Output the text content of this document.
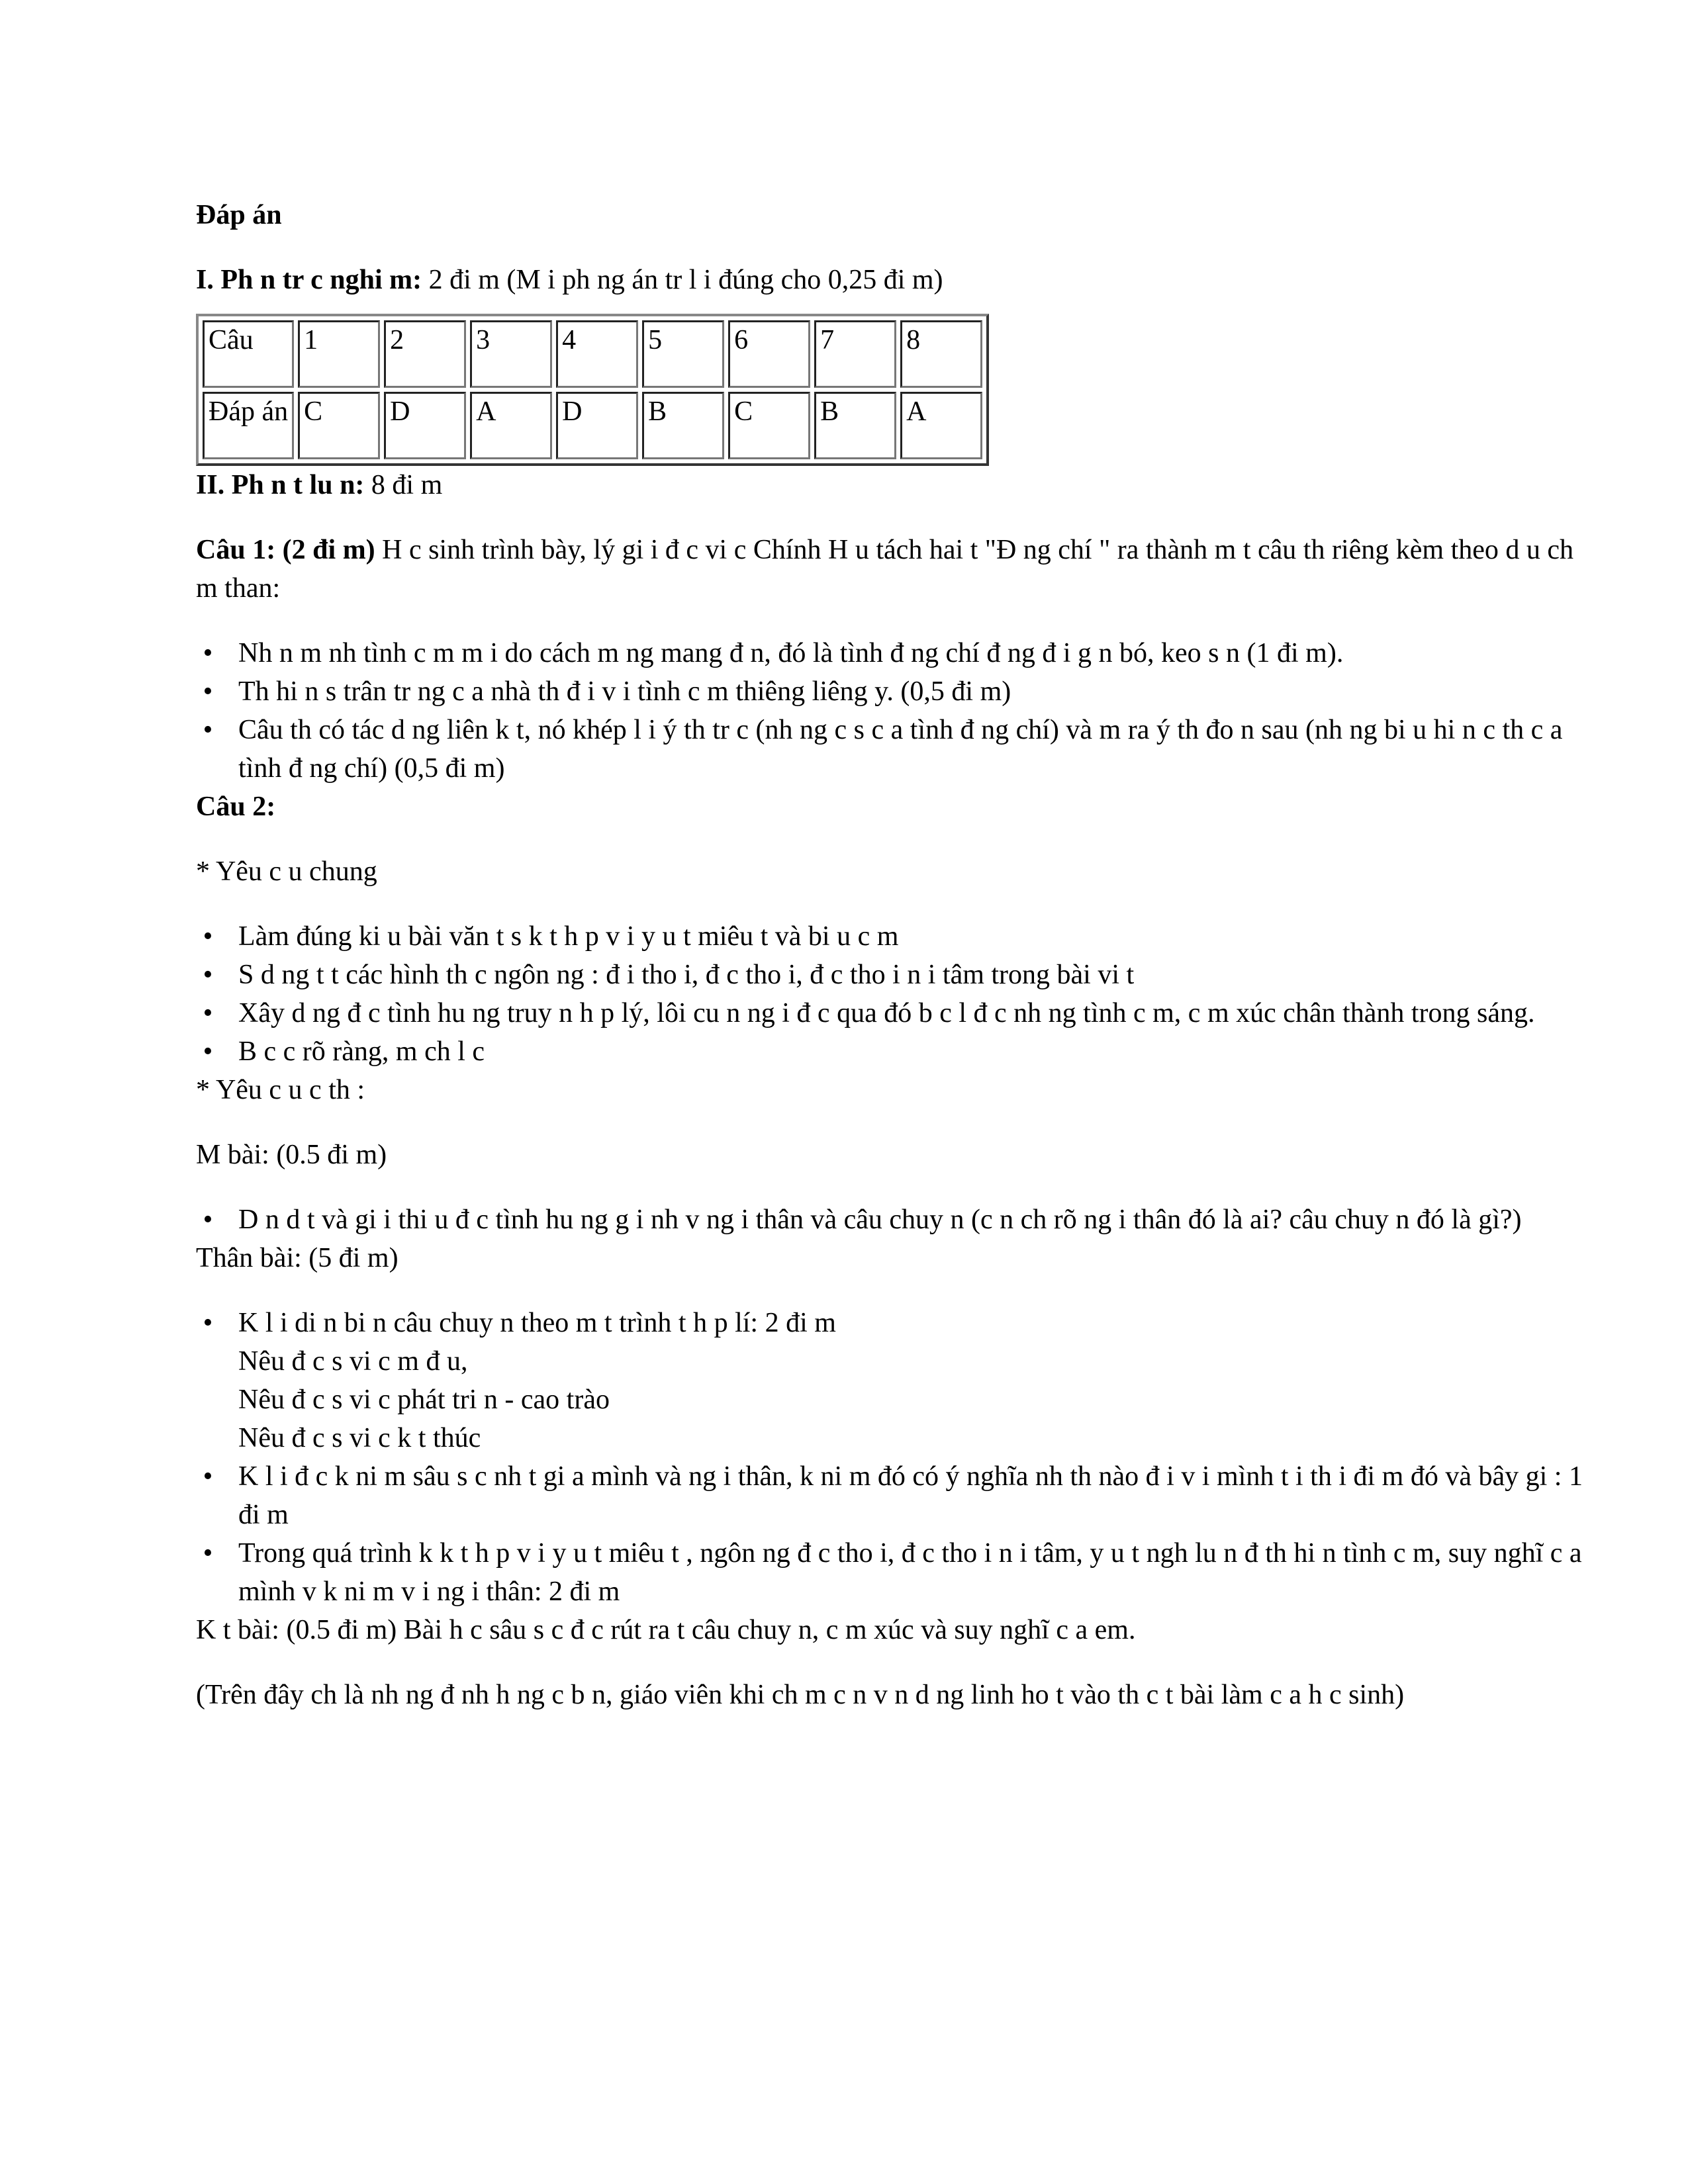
Đáp án

I. Ph n tr c nghi m: 2 đi m (M i ph ng án tr l i đúng cho 0,25 đi m)

Câu	1	2	3	4	5	6	7	8
Đáp án	C	D	A	D	B	C	B	A

II. Ph n t lu n: 8 đi m

Câu 1: (2 đi m) H c sinh trình bày, lý gi i đ c vi c Chính H u tách hai t "Đ ng chí " ra thành m t câu th riêng kèm theo d u ch m than:

• Nh n m nh tình c m m i do cách m ng mang đ n, đó là tình đ ng chí đ ng đ i g n bó, keo s n (1 đi m).
• Th hi n s trân tr ng c a nhà th đ i v i tình c m thiêng liêng y. (0,5 đi m)
• Câu th có tác d ng liên k t, nó khép l i ý th tr c (nh ng c s c a tình đ ng chí) và m ra ý th đo n sau (nh ng bi u hi n c th c a tình đ ng chí) (0,5 đi m)

Câu 2:

* Yêu c u chung

• Làm đúng ki u bài văn t s k t h p v i y u t miêu t và bi u c m
• S d ng t t các hình th c ngôn ng : đ i tho i, đ c tho i, đ c tho i n i tâm trong bài vi t
• Xây d ng đ c tình hu ng truy n h p lý, lôi cu n ng i đ c qua đó b c l đ c nh ng tình c m, c m xúc chân thành trong sáng.
• B c c rõ ràng, m ch l c

* Yêu c u c th :

M bài: (0.5 đi m)

• D n d t và gi i thi u đ c tình hu ng g i nh v ng i thân và câu chuy n (c n ch rõ ng i thân đó là ai? câu chuy n đó là gì?)

Thân bài: (5 đi m)

• K l i di n bi n câu chuy n theo m t trình t h p lí: 2 đi m
Nêu đ c s vi c m đ u,
Nêu đ c s vi c phát tri n - cao trào
Nêu đ c s vi c k t thúc
• K l i đ c k ni m sâu s c nh t gi a mình và ng i thân, k ni m đó có ý nghĩa nh th nào đ i v i mình t i th i đi m đó và bây gi : 1 đi m
• Trong quá trình k k t h p v i y u t miêu t , ngôn ng đ c tho i, đ c tho i n i tâm, y u t ngh lu n đ th hi n tình c m, suy nghĩ c a mình v k ni m v i ng i thân: 2 đi m

K t bài: (0.5 đi m) Bài h c sâu s c đ c rút ra t câu chuy n, c m xúc và suy nghĩ c a em.

(Trên đây ch là nh ng đ nh h ng c b n, giáo viên khi ch m c n v n d ng linh ho t vào th c t bài làm c a h c sinh)
